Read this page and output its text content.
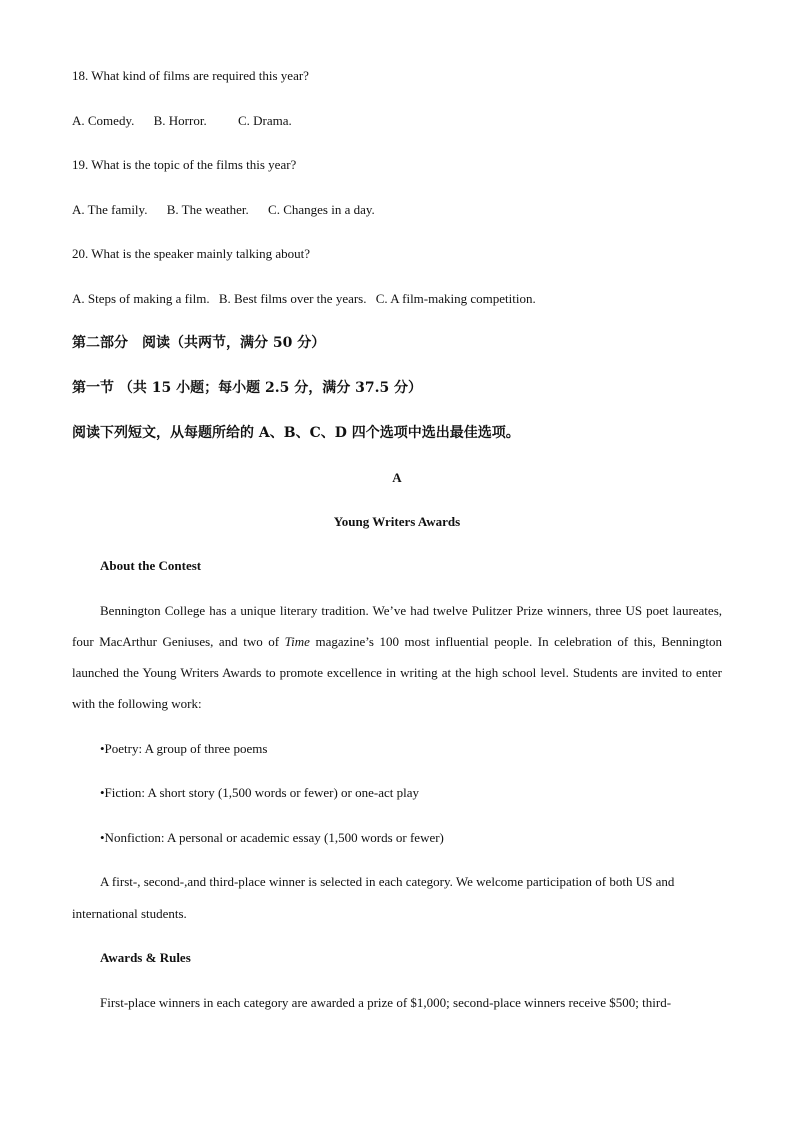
18. What kind of films are required this year?
A. Comedy. B. Horror. C. Drama.
19. What is the topic of the films this year?
A. The family. B. The weather. C. Changes in a day.
20. What is the speaker mainly talking about?
A. Steps of making a film. B. Best films over the years. C. A film-making competition.
第二部分　阅读（共两节，满分 50 分）
第一节 （共 15 小题；每小题 2.5 分，满分 37.5 分）
阅读下列短文，从每题所给的 A、B、C、D 四个选项中选出最佳选项。
A
Young Writers Awards
About the Contest
Bennington College has a unique literary tradition. We’ve had twelve Pulitzer Prize winners, three US poet laureates, four MacArthur Geniuses, and two of Time magazine’s 100 most influential people. In celebration of this, Bennington launched the Young Writers Awards to promote excellence in writing at the high school level. Students are invited to enter with the following work:
•Poetry: A group of three poems
•Fiction: A short story (1,500 words or fewer) or one-act play
•Nonfiction: A personal or academic essay (1,500 words or fewer)
A first-, second-,and third-place winner is selected in each category. We welcome participation of both US and international students.
Awards & Rules
First-place winners in each category are awarded a prize of $1,000; second-place winners receive $500; third-
